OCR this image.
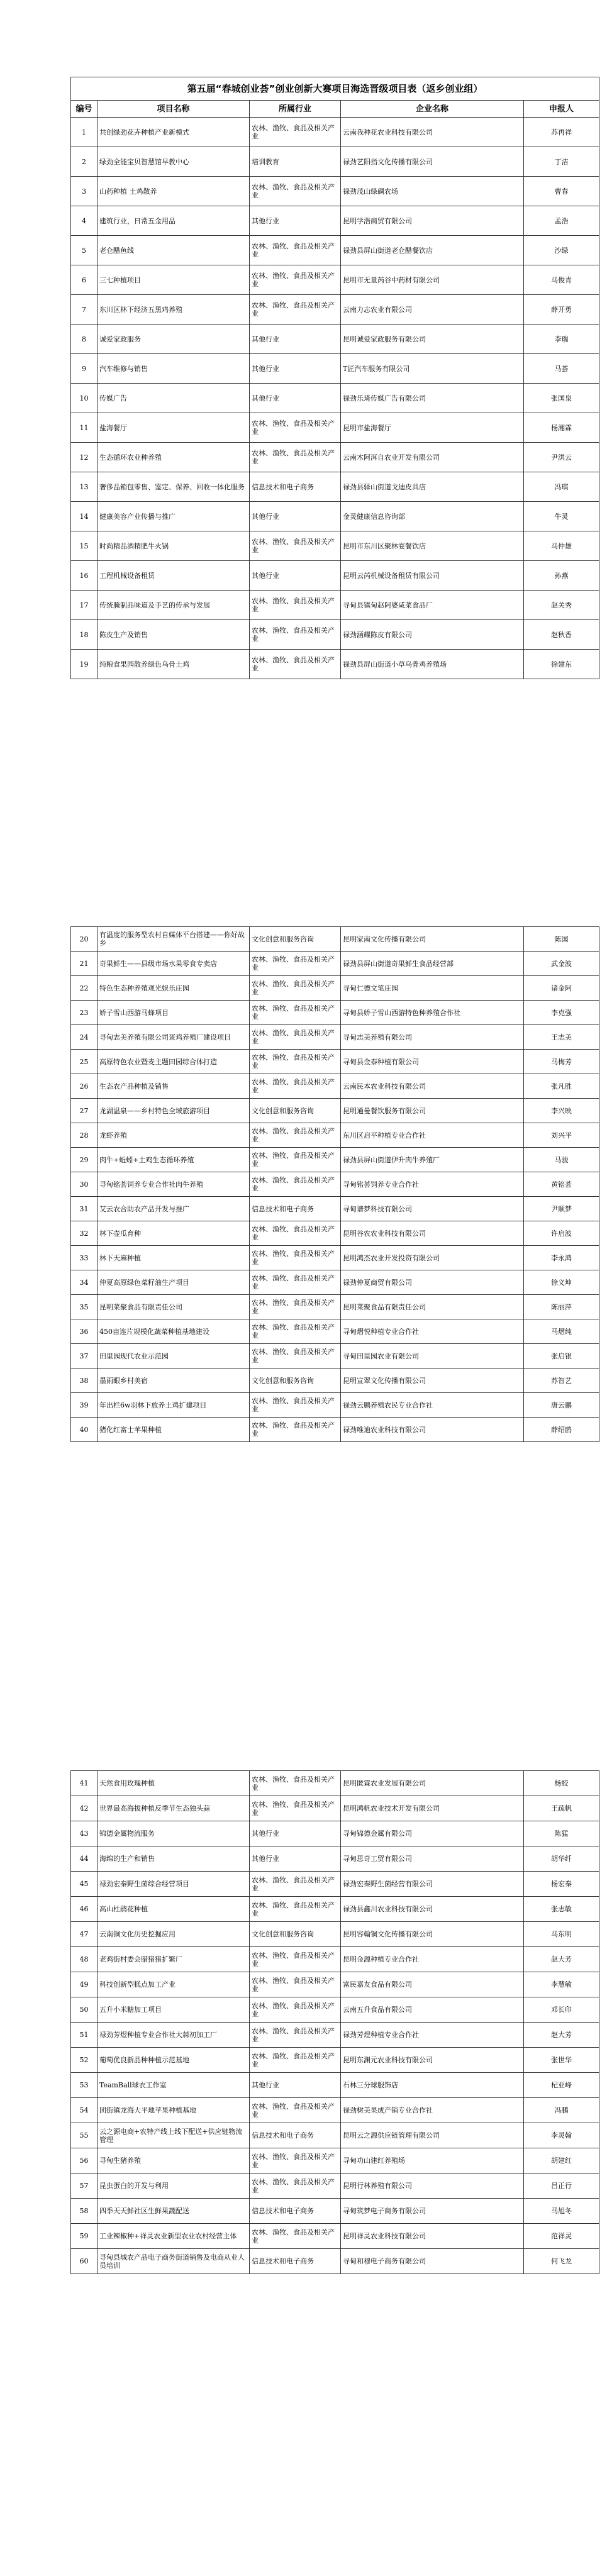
第五届“春城创业荟”创业创新大赛项目海选晋级项目表（返乡创业组）				
编号	项目名称	所属行业	企业名称	申报人
1	共创绿劲花卉种植产业新模式	农林、渔牧、食品及相关产业	云南我种花农业科技有限公司	苏再祥
2	绿劲全能宝贝智慧馆早教中心	培训教育	禄劲艺阳指文化传播有限公司	丁洁
3	山药种植 土鸡散养	农林、渔牧、食品及相关产业	禄劲茂山绿碉农场	曹春
4	建筑行业，日常五金用品	其他行业	昆明学浩商贸有限公司	孟浩
5	老仓醋鱼线	农林、渔牧、食品及相关产业	禄劲县屏山街道老仓醋餐饮店	沙绿
6	三七种植项目	农林、渔牧、食品及相关产业	昆明市无量芮谷中药材有限公司	马俊青
7	东川区林下经济五黑鸡养殖	农林、渔牧、食品及相关产业	云南力志农业有限公司	薛开勇
8	诚爱家政服务	其他行业	昆明诚爱家政服务有限公司	李瑞
9	汽车维修与销售	其他行业	T匠汽车服务有限公司	马荟
10	传媒广告	其他行业	禄劲乐琦传媒广告有限公司	张国泉
11	盐海餐厅	农林、渔牧、食品及相关产业	昆明市盐海餐厅	杨湘霖
12	生态循环农业种养殖	农林、渔牧、食品及相关产业	云南木阿洱自农业开发有限公司	尹洪云
13	奢侈品箱包零售、鉴定、保养、回收一体化服务	信息技术和电子商务	禄劲县驿山街道戈迪皮具店	冯琪
14	健康美容产业传播与推广	其他行业	金灵健康信息咨询部	牛灵
15	时尚精品酒精肥牛火锅	农林、渔牧、食品及相关产业	昆明市东川区聚林宴餐饮店	马仲雄
16	工程机械设备租赁	其他行业	昆明云芮机械设备租赁有限公司	孙燕
17	传统腌制品味道及手艺的传承与发展	农林、渔牧、食品及相关产业	寻甸县镇甸赵阿婆咸菜食品厂	赵关秀
18	陈皮生产及销售	农林、渔牧、食品及相关产业	禄劲涵耀陈皮有限公司	赵秋香
19	纯粮食果园散养绿色乌骨土鸡	农林、渔牧、食品及相关产业	禄劲县屏山街道小草乌骨鸡养殖场	徐建东
20	有温度的服务型农村自媒体平台搭建——你好故乡	文化创意和服务咨询	昆明家南文化传播有限公司	陈国
21	奇果鲜生——县级市场水果零食专卖店	农林、渔牧、食品及相关产业	禄劲县屏山街道奇果鲜生食品经营部	武金波
22	特色生态种养殖观光娱乐庄园	农林、渔牧、食品及相关产业	寻甸仁德文笔庄园	诸金阿
23	娇子雪山西游马蜂项目	农林、渔牧、食品及相关产业	寻甸县娇子雪山西游特色种养殖合作社	李克强
24	寻甸志美养殖有限公司蛋鸡养殖厂建设项目	农林、渔牧、食品及相关产业	寻甸志美养殖有限公司	王志美
25	高原特色农业暨麦主题田园综合体打造	农林、渔牧、食品及相关产业	寻甸县金泰种植有限公司	马梅芳
26	生态农产品种植及销售	农林、渔牧、食品及相关产业	云南民本农业科技有限公司	张凡胜
27	龙湖温泉——乡村特色全域旅游项目	文化创意和服务咨询	昆明通曼餐饮服务有限公司	李兴映
28	龙虾养殖	农林、渔牧、食品及相关产业	东川区启平种植专业合作社	刘兴平
29	肉牛+蚯蚓+土鸡生态循环养殖	农林、渔牧、食品及相关产业	禄劲县屏山街道伊升肉牛养殖厂	马骏
30	寻甸铭荟饲养专业合作社肉牛养殖	农林、渔牧、食品及相关产业	寻甸铭荟饲养专业合作社	黄铭荟
31	艾云农合助农产品开发与推广	信息技术和电子商务	寻甸谱梦科技有限公司	尹顺梦
32	林下壶瓜育种	农林、渔牧、食品及相关产业	昆明谷农农业科技有限公司	许启波
33	林下天麻种植	农林、渔牧、食品及相关产业	昆明鸿杰农业开发投资有限公司	李永鸿
34	仲夏高原绿色菜籽油生产项目	农林、渔牧、食品及相关产业	禄劲仲夏商贸有限公司	徐义坤
35	昆明菜聚食品有限责任公司	农林、渔牧、食品及相关产业	昆明菜聚食品有限责任公司	陈丽萍
36	450亩连片规模化蔬菜种植基地建设	农林、渔牧、食品及相关产业	寻甸熠悦种植专业合作社	马熠纯
37	田里园现代农业示范园	农林、渔牧、食品及相关产业	寻甸田里园农业有限公司	张启银
38	墨雨眼乡村美宿	文化创意和服务咨询	昆明宣翠文化传播有限公司	苏智艺
39	年出栏6w羽林下放养土鸡扩建项目	农林、渔牧、食品及相关产业	禄劲云鹏养殖农民专业合作社	唐云鹏
40	猪化红富士苹果种植	农林、渔牧、食品及相关产业	禄劲唯迪农业科技有限公司	薛绍鸥
41	天然食用玫瑰种植	农林、渔牧、食品及相关产业	昆明匿霖农业发展有限公司	杨蛟
42	世界最高海拔种植反季节生态独头蒜	农林、渔牧、食品及相关产业	昆明鸿帆农业技术开发有限公司	王疏帆
43	锦德金属物流服务	其他行业	寻甸锦德金属有限公司	陈猛
44	海绵的生产和销售	其他行业	寻甸思奇工贸有限公司	胡华纤
45	禄劲宏秦野生菌综合经营项目	农林、渔牧、食品及相关产业	禄劲宏秦野生菌经营有限公司	杨宏秦
46	高山杜鹃花种植	农林、渔牧、食品及相关产业	禄劲县鑫川农业科技有限公司	张志敏
47	云南铜文化历史挖掘应用	文化创意和服务咨询	昆明容翰铜文化传播有限公司	马东明
48	老鸡街村委会腊猪猪扩繁厂	农林、渔牧、食品及相关产业	昆明金源种植专业合作社	赵大芳
49	科技创新型糕点加工产业	农林、渔牧、食品及相关产业	富民嘉友食品有限公司	李慧敏
50	五升小米糖加工项目	农林、渔牧、食品及相关产业	云南五升食品有限公司	邓长印
51	禄劲芳煜种植专业合作社大蒜初加工厂	农林、渔牧、食品及相关产业	禄劲芳煜种植专业合作社	赵大芳
52	葡萄优良新品种种植示范基地	农林、渔牧、食品及相关产业	昆明东渊元农业科技有限公司	张世华
53	TeamBall球衣工作室	其他行业	石林三分球服饰店	杞亚峰
54	团街镇龙海大平地苹果种植基地	农林、渔牧、食品及相关产业	禄劲树美果成产销专业合作社	冯鹏
55	云之源电商+农特产线上线下配送+供应链物流管理	信息技术和电子商务	昆明云之源供应链管理有限公司	李灵翰
56	寻甸生猪养殖	农林、渔牧、食品及相关产业	寻甸功山建红养殖场	胡建红
57	昆虫蛋白的开发与利用	农林、渔牧、食品及相关产业	昆明行林养殖有限公司	吕正行
58	四季天天鲜社区生鲜果蔬配送	信息技术和电子商务	寻甸筑梦电子商务有限公司	马旭冬
59	工业辣椒种+祥灵农业新型农业农村经营主体	农林、渔牧、食品及相关产业	昆明祥灵农业科技有限公司	范祥灵
60	寻甸县城农产品电子商务街道销售及电商从业人员培训	信息技术和电子商务	寻甸和穆电子商务有限公司	何飞龙
